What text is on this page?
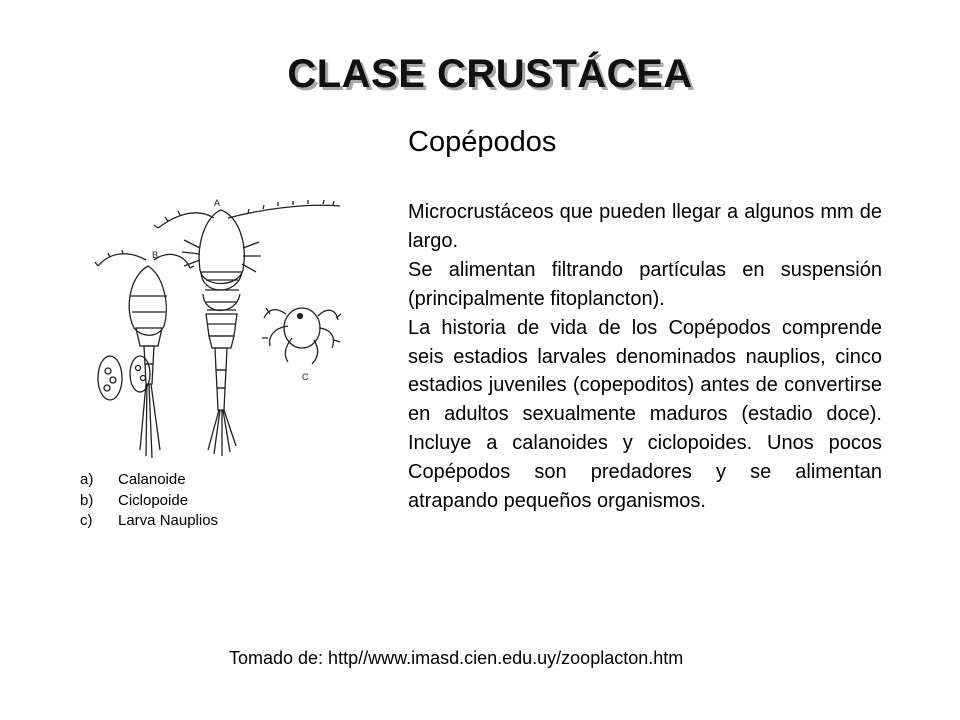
CLASE CRUSTÁCEA
Copépodos

Microcrustáceos que pueden llegar a algunos mm de largo.

Se alimentan filtrando partículas en suspensión (principalmente fitoplancton).

La historia de vida de los Copépodos comprende seis estadios larvales denominados nauplios, cinco estadios juveniles (copepoditos) antes de convertirse en adultos sexualmente maduros (estadio doce). Incluye a calanoides y ciclopoides. Unos pocos Copépodos son predadores y se alimentan atrapando pequeños organismos.

A
B
C
a)	Calanoide
b)	Ciclopoide
c)	Larva Nauplios
Tomado de: http//www.imasd.cien.edu.uy/zooplacton.htm
